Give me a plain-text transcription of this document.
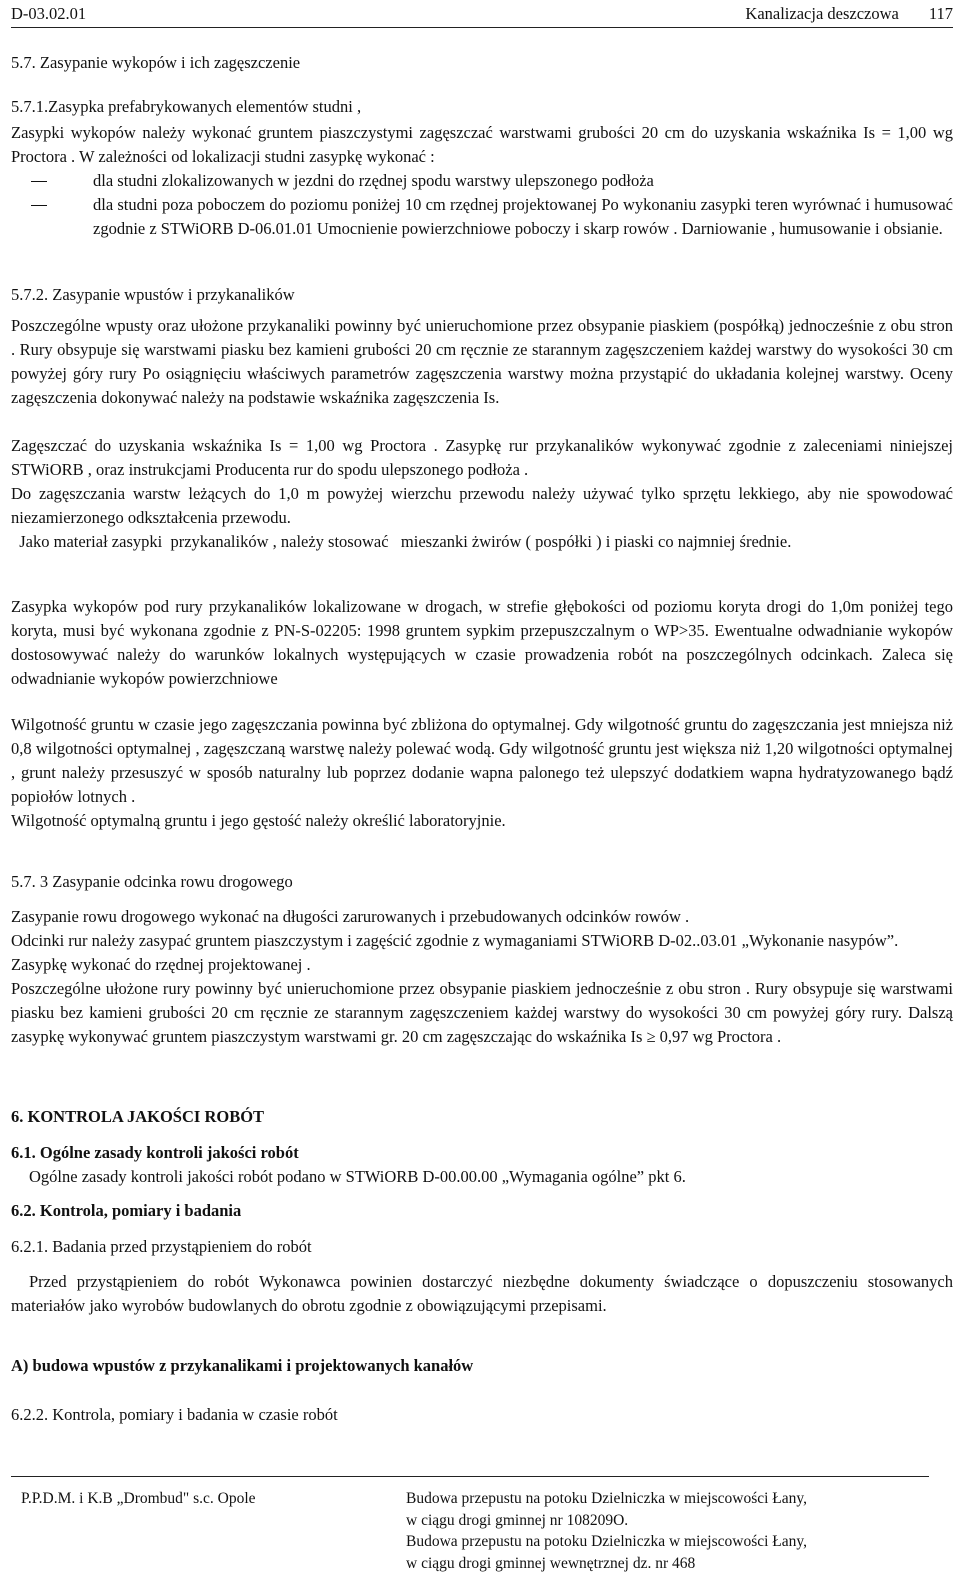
D-03.02.01	Kanalizacja deszczowa 117

5.7. Zasypanie wykopów i ich zagęszczenie

5.7.1.Zasypka prefabrykowanych elementów studni ,

Zasypki wykopów należy wykonać gruntem piaszczystymi zagęszczać warstwami grubości 20 cm do uzyskania wskaźnika Is = 1,00 wg Proctora . W zależności od lokalizacji studni zasypkę wykonać :

dla studni zlokalizowanych w jezdni do rzędnej spodu warstwy ulepszonego podłoża
dla studni poza poboczem do poziomu poniżej 10 cm rzędnej projektowanej Po wykonaniu zasypki teren wyrównać i humusować zgodnie z STWiORB D-06.01.01 Umocnienie powierzchniowe poboczy i skarp rowów . Darniowanie , humusowanie i obsianie.

5.7.2. Zasypanie wpustów i przykanalików

Poszczególne wpusty oraz ułożone przykanaliki powinny być unieruchomione przez obsypanie piaskiem (pospółką) jednocześnie z obu stron . Rury obsypuje się warstwami piasku bez kamieni grubości 20 cm ręcznie ze starannym zagęszczeniem każdej warstwy do wysokości 30 cm powyżej góry rury Po osiągnięciu właściwych parametrów zagęszczenia warstwy można przystąpić do układania kolejnej warstwy. Oceny zagęszczenia dokonywać należy na podstawie wskaźnika zagęszczenia Is.

Zagęszczać do uzyskania wskaźnika Is = 1,00 wg Proctora . Zasypkę rur przykanalików wykonywać zgodnie z zaleceniami niniejszej STWiORB , oraz instrukcjami Producenta rur do spodu ulepszonego podłoża .

Do zagęszczania warstw leżących do 1,0 m powyżej wierzchu przewodu należy używać tylko sprzętu lekkiego, aby nie spowodować niezamierzonego odkształcenia przewodu.

Jako materiał zasypki  przykanalików , należy stosować   mieszanki żwirów ( pospółki ) i piaski co najmniej średnie.

Zasypka wykopów pod rury przykanalików lokalizowane w drogach, w strefie głębokości od poziomu koryta drogi do 1,0m poniżej tego koryta, musi być wykonana zgodnie z PN-S-02205: 1998 gruntem sypkim przepuszczalnym o WP>35. Ewentualne odwadnianie wykopów dostosowywać należy do warunków lokalnych występujących w czasie prowadzenia robót na poszczególnych odcinkach. Zaleca się odwadnianie wykopów powierzchniowe

Wilgotność gruntu w czasie jego zagęszczania powinna być zbliżona do optymalnej. Gdy wilgotność gruntu do zagęszczania jest mniejsza niż 0,8 wilgotności optymalnej , zagęszczaną warstwę należy polewać wodą. Gdy wilgotność gruntu jest większa niż 1,20 wilgotności optymalnej , grunt należy przesuszyć w sposób naturalny lub poprzez dodanie wapna palonego też ulepszyć dodatkiem wapna hydratyzowanego bądź popiołów lotnych .

Wilgotność optymalną gruntu i jego gęstość należy określić laboratoryjnie.

5.7. 3 Zasypanie odcinka rowu drogowego

Zasypanie rowu drogowego wykonać na długości zarurowanych i przebudowanych odcinków rowów .

Odcinki rur należy zasypać gruntem piaszczystym i zagęścić zgodnie z wymaganiami STWiORB D-02..03.01 „Wykonanie nasypów”. Zasypkę wykonać do rzędnej projektowanej .

Poszczególne ułożone rury powinny być unieruchomione przez obsypanie piaskiem jednocześnie z obu stron . Rury obsypuje się warstwami piasku bez kamieni grubości 20 cm ręcznie ze starannym zagęszczeniem każdej warstwy do wysokości 30 cm powyżej góry rury. Dalszą zasypkę wykonywać gruntem piaszczystym warstwami gr. 20 cm zagęszczając do wskaźnika Is ≥ 0,97 wg Proctora .

6. KONTROLA JAKOŚCI ROBÓT

6.1. Ogólne zasady kontroli jakości robót

Ogólne zasady kontroli jakości robót podano w STWiORB D-00.00.00 „Wymagania ogólne” pkt 6.

6.2. Kontrola, pomiary i badania

6.2.1. Badania przed przystąpieniem do robót

Przed przystąpieniem do robót Wykonawca powinien dostarczyć niezbędne dokumenty świadczące o dopuszczeniu stosowanych materiałów jako wyrobów budowlanych do obrotu zgodnie z obowiązującymi przepisami.

A) budowa wpustów z przykanalikami i projektowanych kanałów

6.2.2. Kontrola, pomiary i badania w czasie robót

P.P.D.M. i K.B „Drombud" s.c. Opole	Budowa przepustu na potoku Dzielniczka w miejscowości Łany,
w ciągu drogi gminnej nr 108209O.
Budowa przepustu na potoku Dzielniczka w miejscowości Łany,
w ciągu drogi gminnej wewnętrznej dz. nr 468
